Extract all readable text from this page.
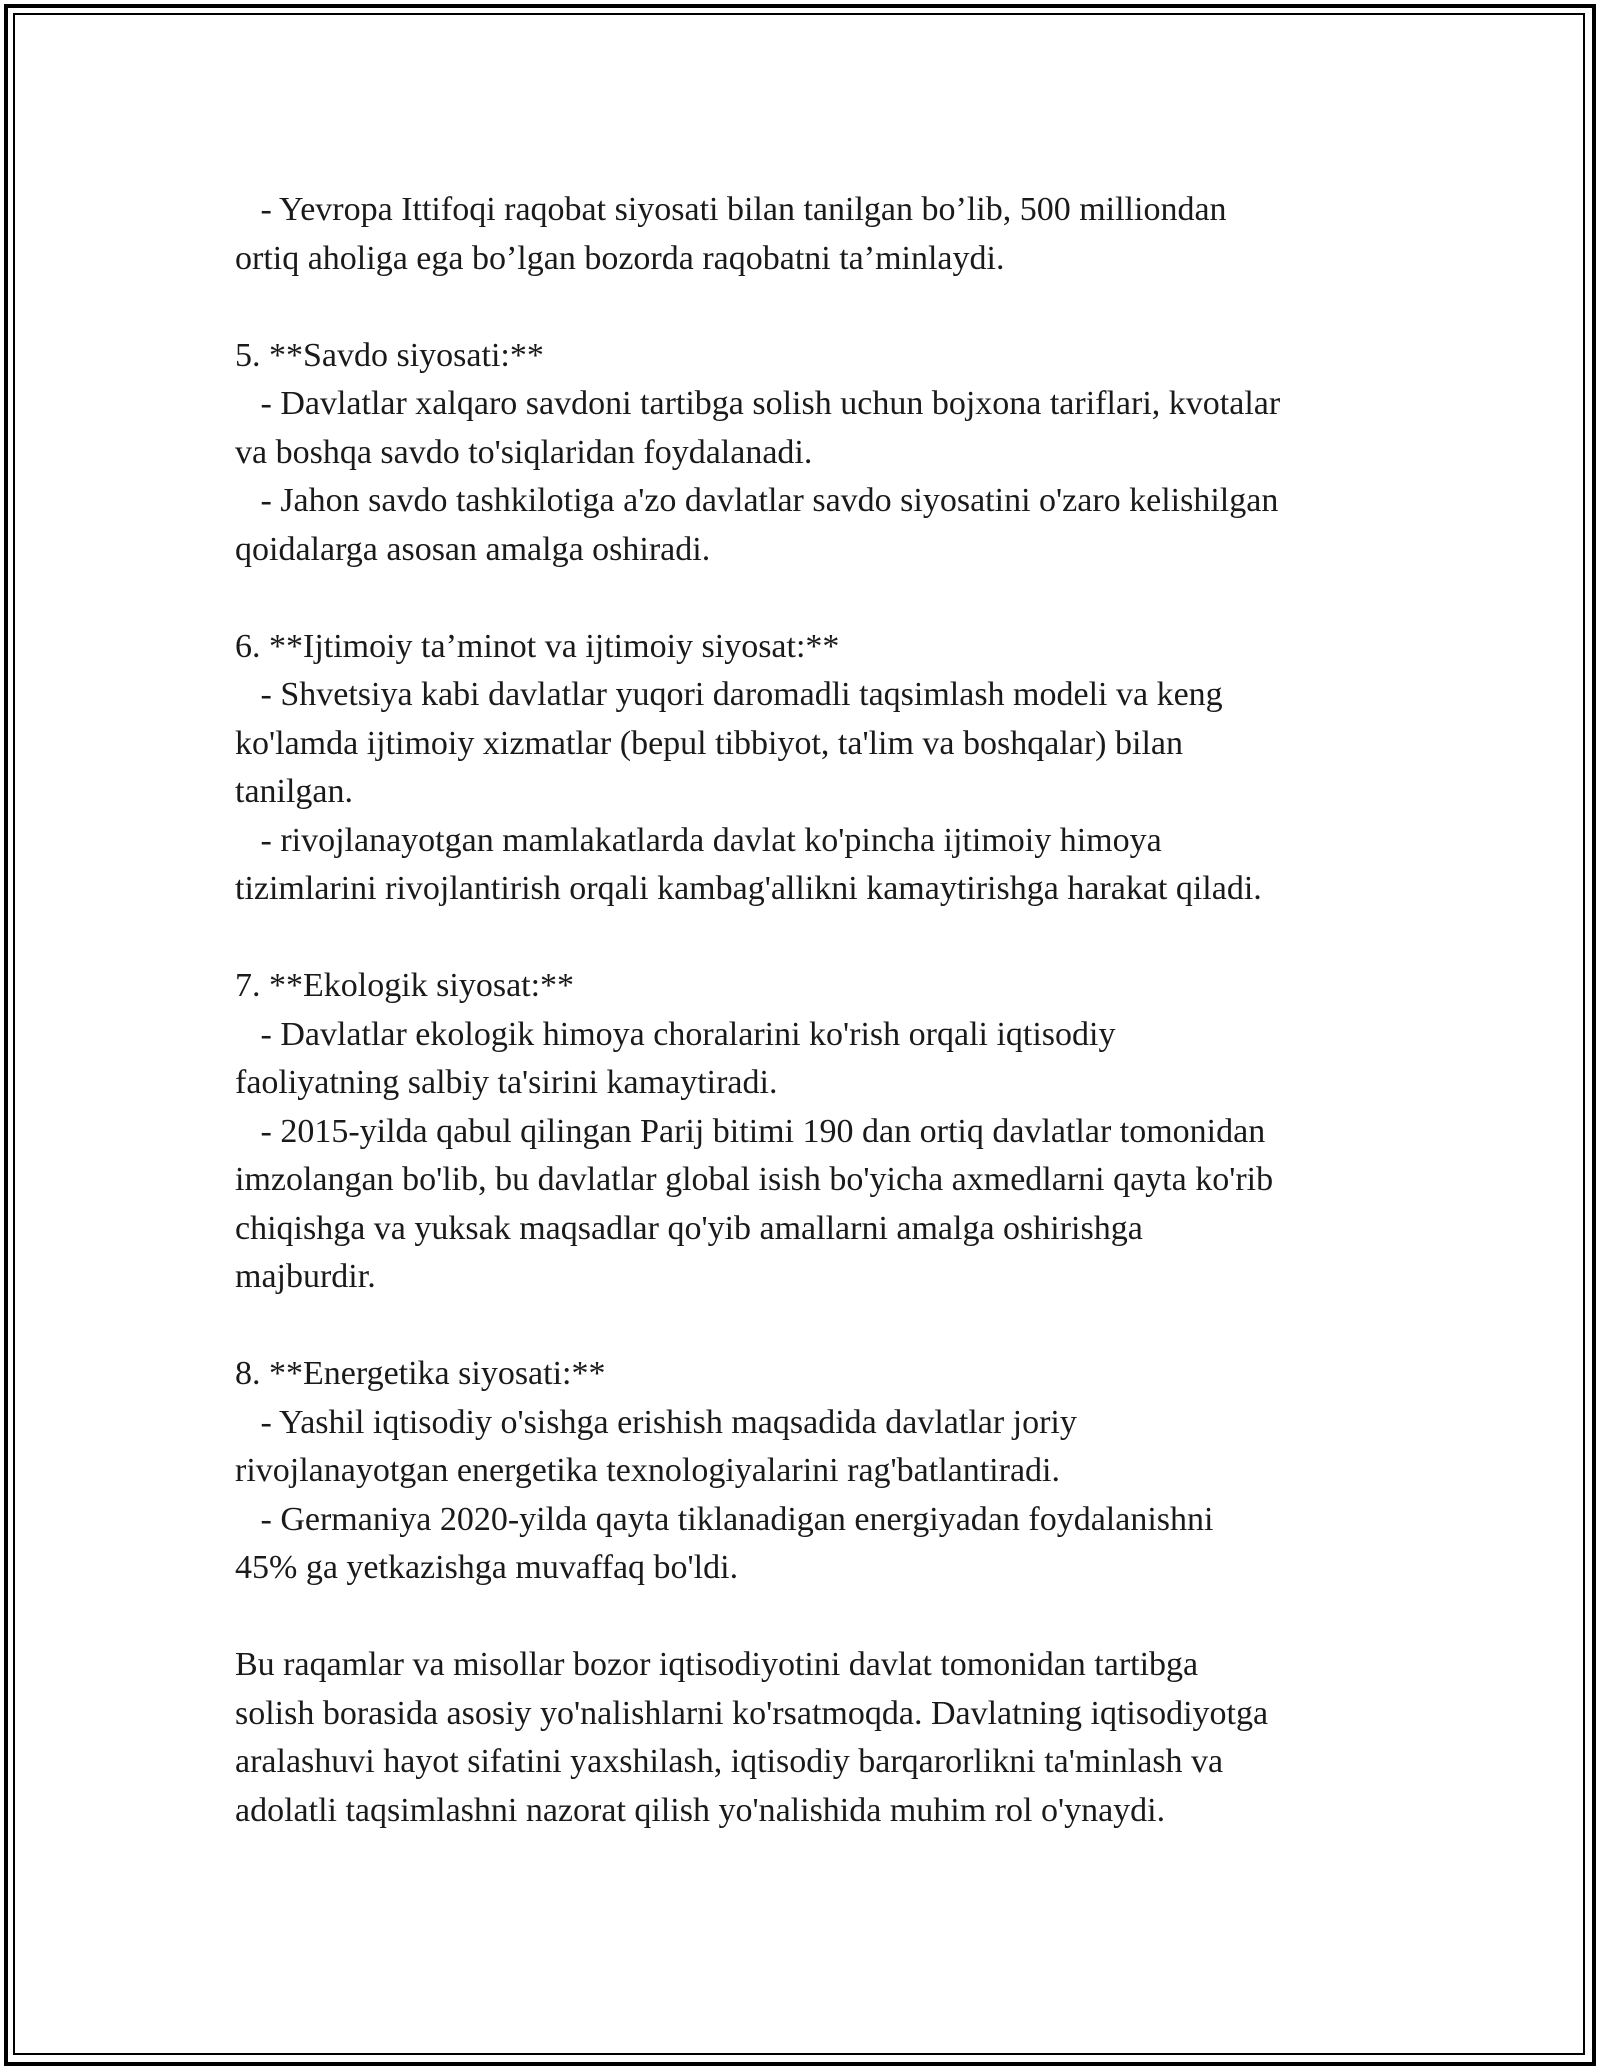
- Yevropa Ittifoqi raqobat siyosati bilan tanilgan bo’lib, 500 milliondan
ortiq aholiga ega bo’lgan bozorda raqobatni ta’minlaydi.
5. **Savdo siyosati:**
- Davlatlar xalqaro savdoni tartibga solish uchun bojxona tariflari, kvotalar
va boshqa savdo to'siqlaridan foydalanadi.
- Jahon savdo tashkilotiga a'zo davlatlar savdo siyosatini o'zaro kelishilgan
qoidalarga asosan amalga oshiradi.
6. **Ijtimoiy ta’minot va ijtimoiy siyosat:**
- Shvetsiya kabi davlatlar yuqori daromadli taqsimlash modeli va keng
ko'lamda ijtimoiy xizmatlar (bepul tibbiyot, ta'lim va boshqalar) bilan
tanilgan.
- rivojlanayotgan mamlakatlarda davlat ko'pincha ijtimoiy himoya
tizimlarini rivojlantirish orqali kambag'allikni kamaytirishga harakat qiladi.
7. **Ekologik siyosat:**
- Davlatlar ekologik himoya choralarini ko'rish orqali iqtisodiy
faoliyatning salbiy ta'sirini kamaytiradi.
- 2015-yilda qabul qilingan Parij bitimi 190 dan ortiq davlatlar tomonidan
imzolangan bo'lib, bu davlatlar global isish bo'yicha axmedlarni qayta ko'rib
chiqishga va yuksak maqsadlar qo'yib amallarni amalga oshirishga
majburdir.
8. **Energetika siyosati:**
- Yashil iqtisodiy o'sishga erishish maqsadida davlatlar joriy
rivojlanayotgan energetika texnologiyalarini rag'batlantiradi.
- Germaniya 2020-yilda qayta tiklanadigan energiyadan foydalanishni
45% ga yetkazishga muvaffaq bo'ldi.
Bu raqamlar va misollar bozor iqtisodiyotini davlat tomonidan tartibga
solish borasida asosiy yo'nalishlarni ko'rsatmoqda. Davlatning iqtisodiyotga
aralashuvi hayot sifatini yaxshilash, iqtisodiy barqarorlikni ta'minlash va
adolatli taqsimlashni nazorat qilish yo'nalishida muhim rol o'ynaydi.
